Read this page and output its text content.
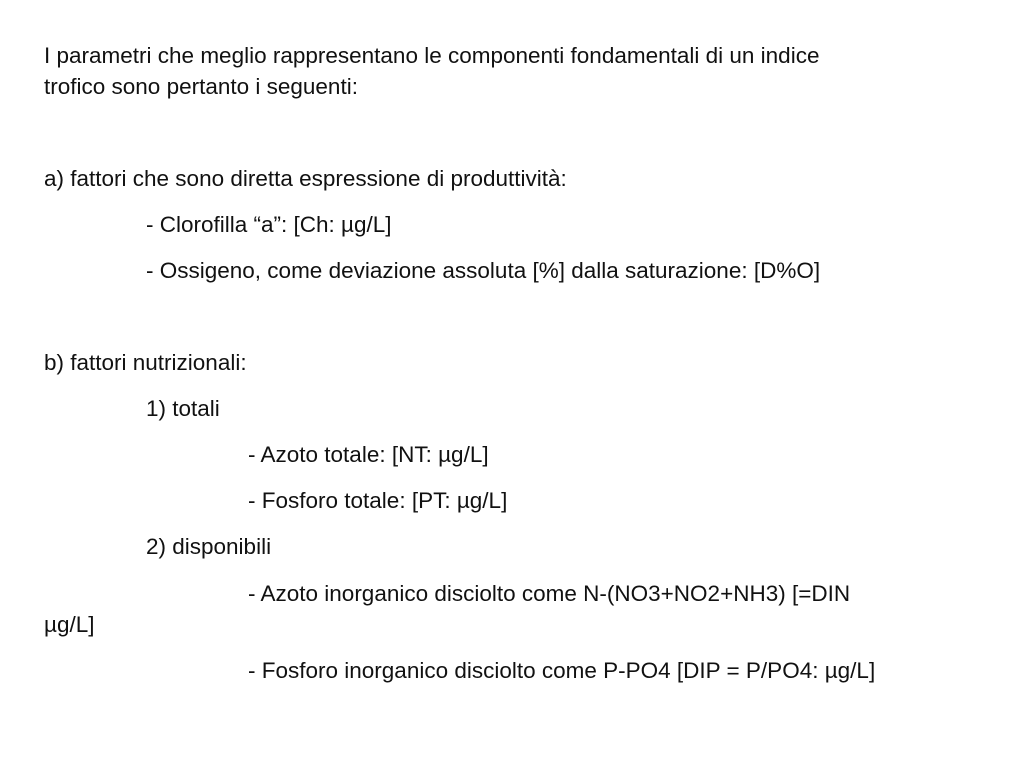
I parametri che meglio rappresentano le componenti fondamentali di un indice
trofico sono pertanto i seguenti:
a) fattori che sono diretta espressione di produttività:
- Clorofilla “a”: [Ch: µg/L]
- Ossigeno, come deviazione assoluta [%] dalla saturazione: [D%O]
b) fattori nutrizionali:
1) totali
- Azoto totale: [NT: µg/L]
- Fosforo totale: [PT: µg/L]
2) disponibili
- Azoto inorganico disciolto come N-(NO3+NO2+NH3) [=DIN
µg/L]
- Fosforo inorganico disciolto come P-PO4 [DIP = P/PO4: µg/L]
